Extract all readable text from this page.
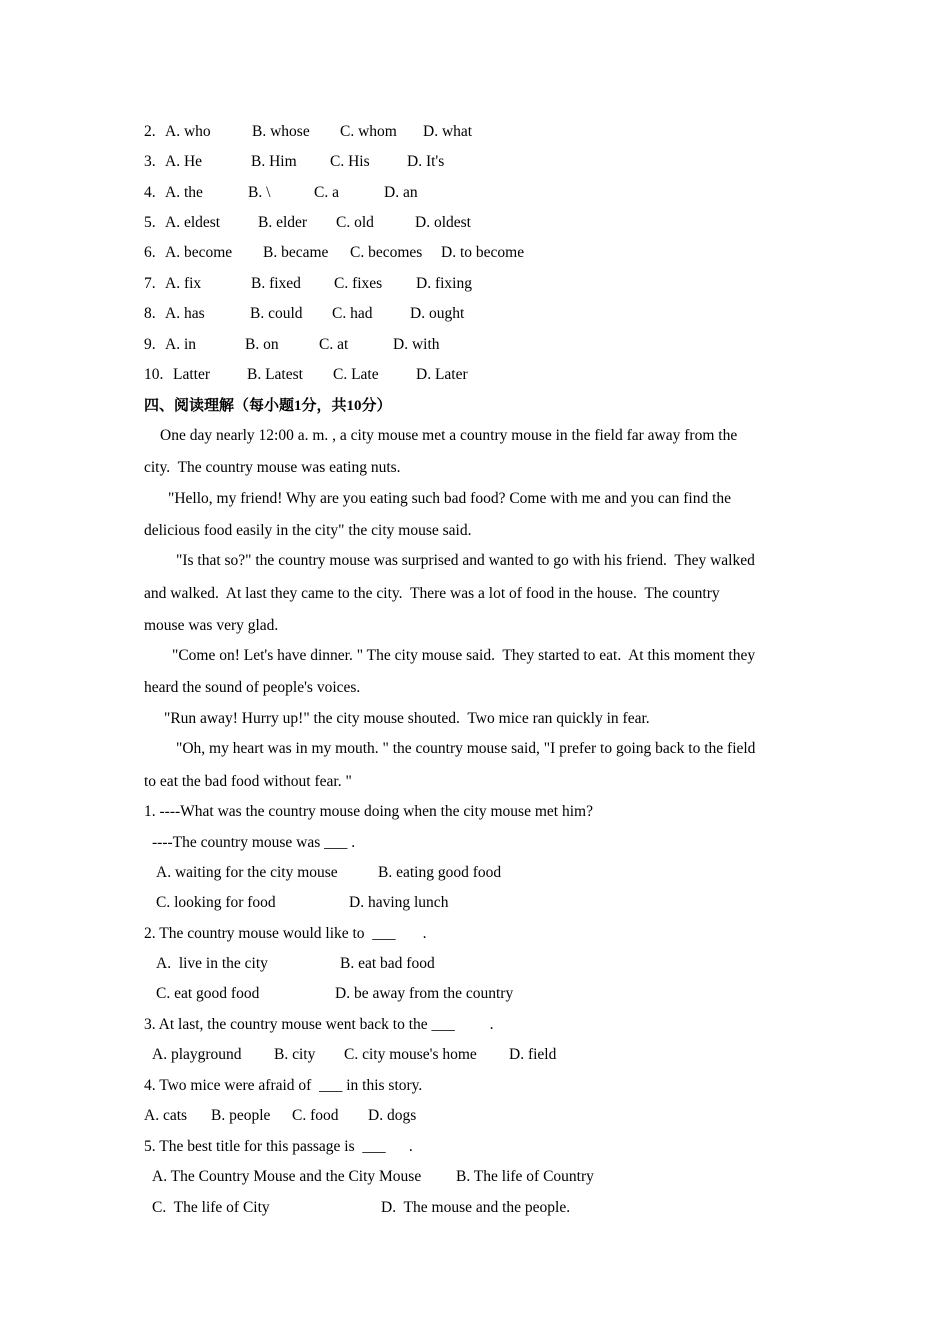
2.

A. who

	B. whose

C. whom

D. what

3.

A. He

	B. Him

C. His

D. It's

4.

A. the

	B. \

	C. a

	D. an

5.

A. eldest

B. elder

C. old

	D. oldest

6.

A. become

B. became

C. becomes

D. to become

7.

A. fix

	B. fixed

C. fixes

D. fixing

8.

A. has

	B. could

C. had

D. ought

9.

A. in

	B. on

	C. at

	D. with

10.

Latter

B. Latest

C. Late

D. Later

四、阅读理解（每小题1分，共10分）
One day nearly 12:00 a. m. , a city mouse met a country mouse in the field far away from the
city.  The country mouse was eating nuts.
"Hello, my friend! Why are you eating such bad food? Come with me and you can find the
delicious food easily in the city" the city mouse said.
"Is that so?" the country mouse was surprised and wanted to go with his friend.  They walked
and walked.  At last they came to the city.  There was a lot of food in the house.  The country
mouse was very glad.
"Come on! Let's have dinner. " The city mouse said.  They started to eat.  At this moment they
heard the sound of people's voices.
"Run away! Hurry up!" the city mouse shouted.  Two mice ran quickly in fear.
"Oh, my heart was in my mouth. " the country mouse said, "I prefer to going back to the field
to eat the bad food without fear. "
1. ----What was the country mouse doing when the city mouse met him?
----The country mouse was ___ .

A. waiting for the city mouse

	B. eating good food

C. looking for food

	D. having lunch

2. The country mouse would like to  ___       .

A.  live in the city

	B. eat bad food

C. eat good food

	D. be away from the country

3. At last, the country mouse went back to the ___         .

A. playground

B. city

C. city mouse's home

D. field

4. Two mice were afraid of  ___ in this story.

A. cats

B. people

C. food

D. dogs

5. The best title for this passage is  ___      .

A. The Country Mouse and the City Mouse

B. The life of Country

C.  The life of City

	D.  The mouse and the people.
